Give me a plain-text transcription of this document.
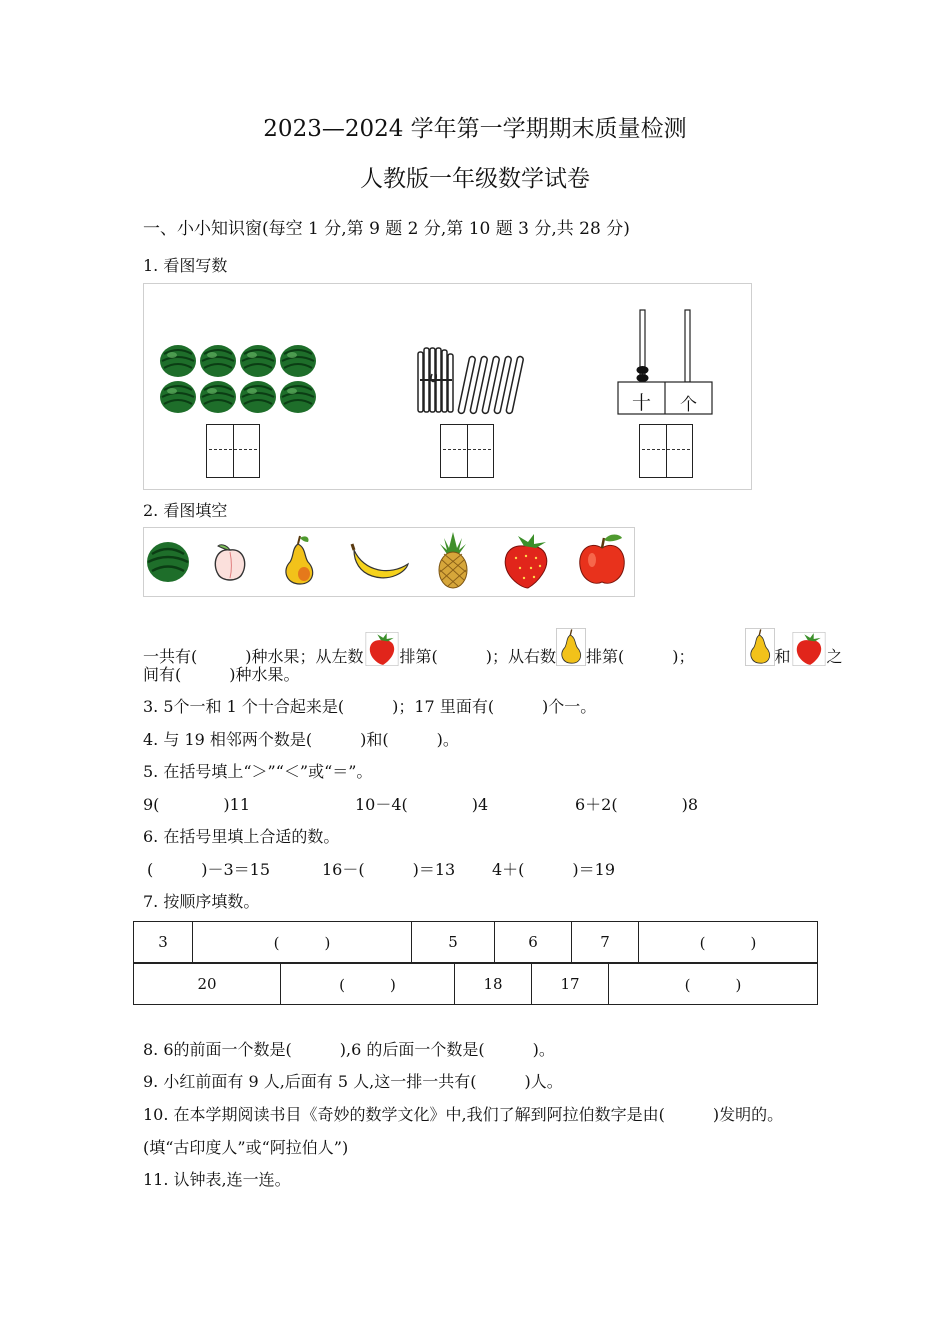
2023—2024 学年第一学期期末质量检测
人教版一年级数学试卷
一、小小知识窗(每空 1 分,第 9 题 2 分,第 10 题 3 分,共 28 分)
1. 看图写数
十 个
2. 看图填空
一共有(　　　)种水果；从左数 排第(　　　)；从右数 排第(　　　)；	和 之
间有(　　　)种水果。
3. 5个一和 1 个十合起来是(　　　)；17 里面有(　　　)个一。
4. 与 19 相邻两个数是(　　　)和(　　　)。
5. 在括号填上“＞”“＜”或“＝”。
9(　　　　)11	10－4(　　　　)4	6＋2(　　　　)8
6. 在括号里填上合适的数。
(　　　)－3＝15	16－(　　　)＝13 4＋(　　　)＝19
7. 按顺序填数。
3	(　　　)	5	6	7	(　　　)
20	(　　　)	18	17	(　　　)
8. 6的前面一个数是(　　　),6 的后面一个数是(　　　)。
9. 小红前面有 9 人,后面有 5 人,这一排一共有(　　　)人。
10. 在本学期阅读书目《奇妙的数学文化》中,我们了解到阿拉伯数字是由(　　　)发明的。
(填“古印度人”或“阿拉伯人”)
11. 认钟表,连一连。
